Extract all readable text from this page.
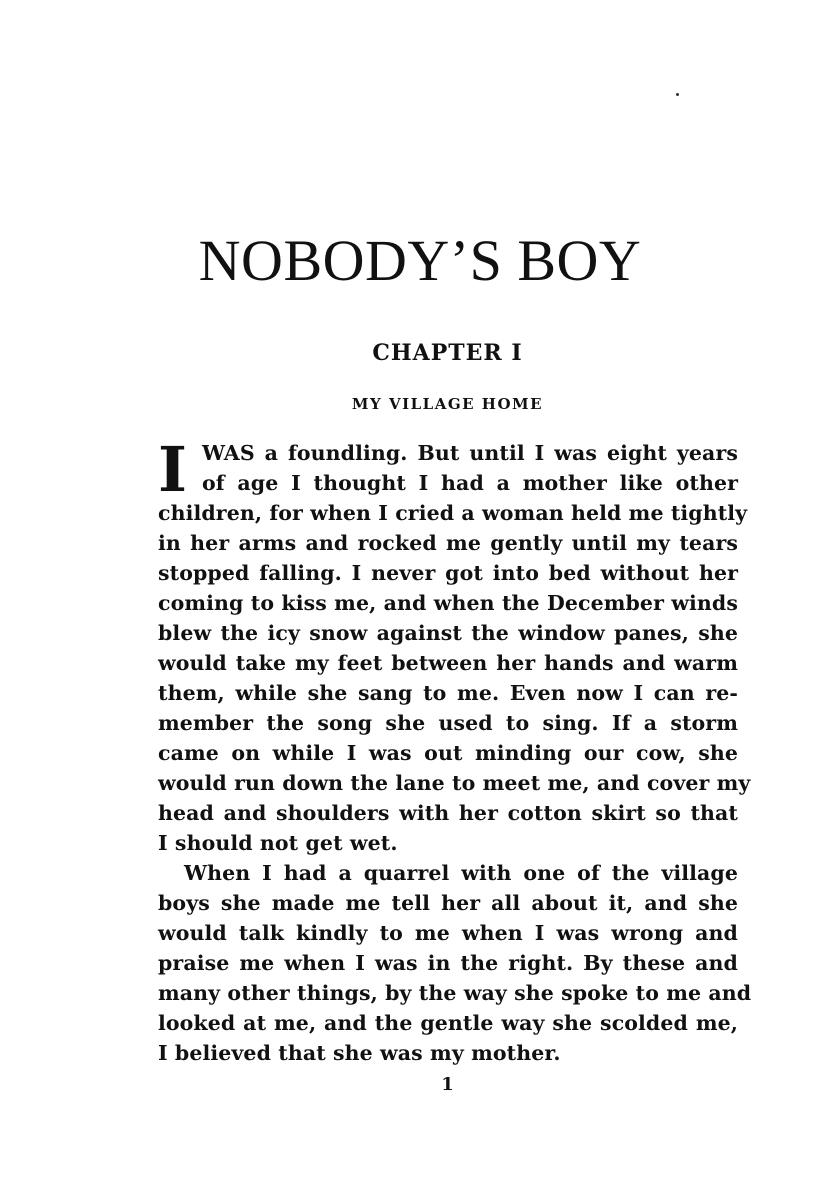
NOBODY’S BOY
CHAPTER I
MY VILLAGE HOME
I WAS a foundling. But until I was eight years
of age I thought I had a mother like other
children, for when I cried a woman held me tightly
in her arms and rocked me gently until my tears
stopped falling. I never got into bed without her
coming to kiss me, and when the December winds
blew the icy snow against the window panes, she
would take my feet between her hands and warm
them, while she sang to me. Even now I can re-
member the song she used to sing. If a storm
came on while I was out minding our cow, she
would run down the lane to meet me, and cover my
head and shoulders with her cotton skirt so that
I should not get wet.
When I had a quarrel with one of the village
boys she made me tell her all about it, and she
would talk kindly to me when I was wrong and
praise me when I was in the right. By these and
many other things, by the way she spoke to me and
looked at me, and the gentle way she scolded me,
I believed that she was my mother.
1
